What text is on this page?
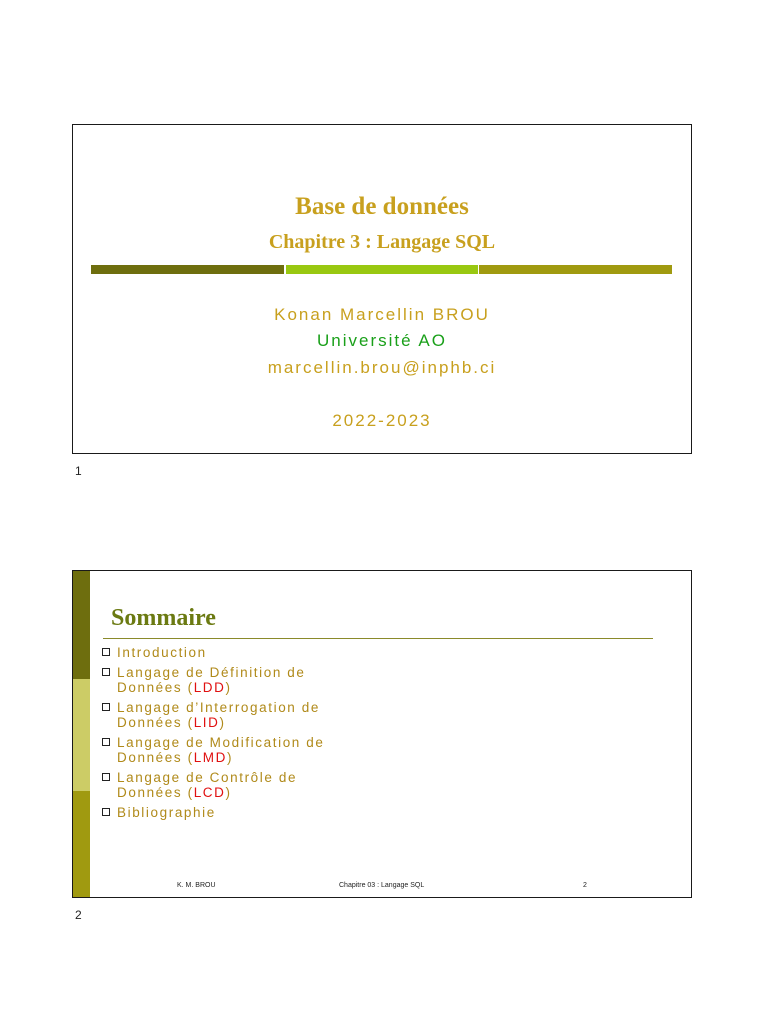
Base de données
Chapitre 3 : Langage SQL
Konan Marcellin BROU
Université AO
marcellin.brou@inphb.ci
2022-2023
1
Sommaire
Introduction
Langage de Définition de
Données (LDD)
Langage d’Interrogation de
Données (LID)
Langage de Modification de
Données (LMD)
Langage de Contrôle de
Données (LCD)
Bibliographie
K. M. BROU	Chapitre 03 : Langage SQL	2
2
